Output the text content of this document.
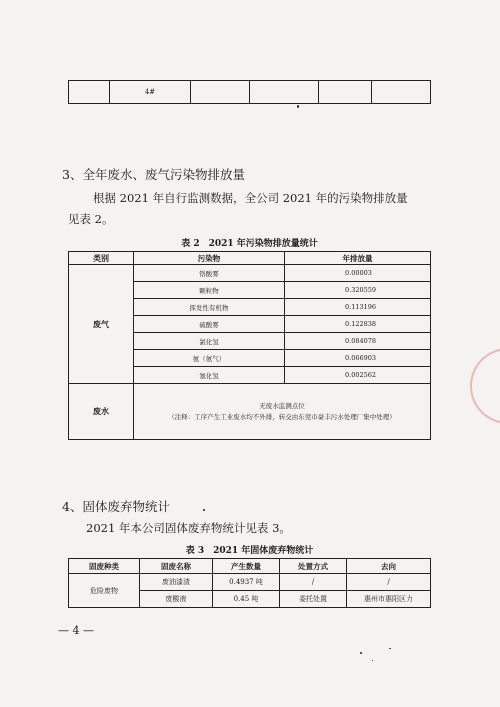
	4#				
3、全年废水、废气污染物排放量
根据 2021 年自行监测数据，全公司 2021 年的污染物排放量
见表 2。
表 2　2021 年污染物排放量统计
类别	污染物	年排放量
废气	铬酸雾	0.00003
	颗粒物	0.320559
	挥发性有机物	0.113196
	硫酸雾	0.122838
	氯化氢	0.084078
	氨（氨气）	0.066903
	氰化氢	0.002562
废水	无废水监测点位
（注释：工序产生工业废水均不外排，转交由东莞市豪丰污水处理厂集中处理）	
4、固体废弃物统计
2021 年本公司固体废弃物统计见表 3。
表 3　2021 年固体废弃物统计
固废种类	固废名称	产生数量	处置方式	去向
危险废物	废油漆渣	0.4937 吨	/	/
	废酸液	0.45 吨	委托处置	惠州市惠阳区力
— 4 —
